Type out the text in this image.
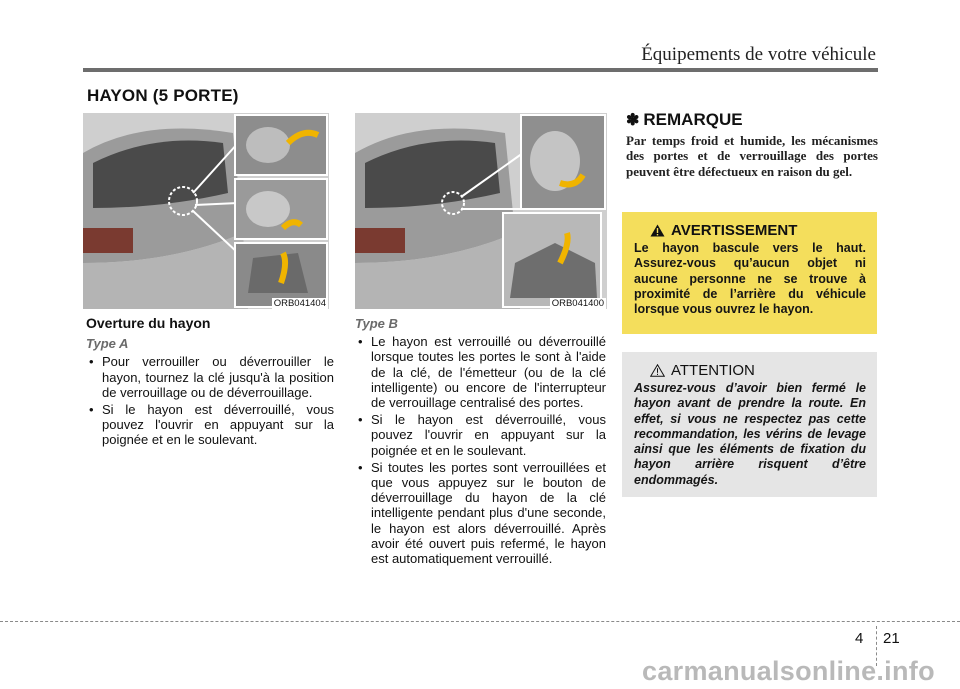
Équipements de votre véhicule
HAYON (5 PORTE)
ORB041404	ORB041400
Overture du hayon
Type A
• Pour verrouiller ou déverrouiller le hayon, tournez la clé jusqu'à la position de verrouillage ou de déverrouillage.
• Si le hayon est déverrouillé, vous pouvez l'ouvrir en appuyant sur la poignée et en le soulevant.
Type B
• Le hayon est verrouillé ou déverrouillé lorsque toutes les portes le sont à l'aide de la clé, de l'émetteur (ou de la clé intelligente) ou encore de l'interrupteur de verrouillage centralisé des portes.
• Si le hayon est déverrouillé, vous pouvez l'ouvrir en appuyant sur la poignée et en le soulevant.
• Si toutes les portes sont verrouillées et que vous appuyez sur le bouton de déverrouillage du hayon de la clé intelligente pendant plus d'une seconde, le hayon est alors déverrouillé. Après avoir été ouvert puis refermé, le hayon est automatiquement verrouillé.
✽ REMARQUE
Par temps froid et humide, les mécanismes des portes et de verrouillage des portes peuvent être défectueux en raison du gel.
AVERTISSEMENT
Le hayon bascule vers le haut. Assurez-vous qu’aucun objet ni aucune personne ne se trouve à proximité de l’arrière du véhicule lorsque vous ouvrez le hayon.
ATTENTION
Assurez-vous d’avoir bien fermé le hayon avant de prendre la route. En effet, si vous ne respectez pas cette recommandation, les vérins de levage ainsi que les éléments de fixation du hayon arrière risquent d’être endommagés.
4 21
carmanualsonline.info
